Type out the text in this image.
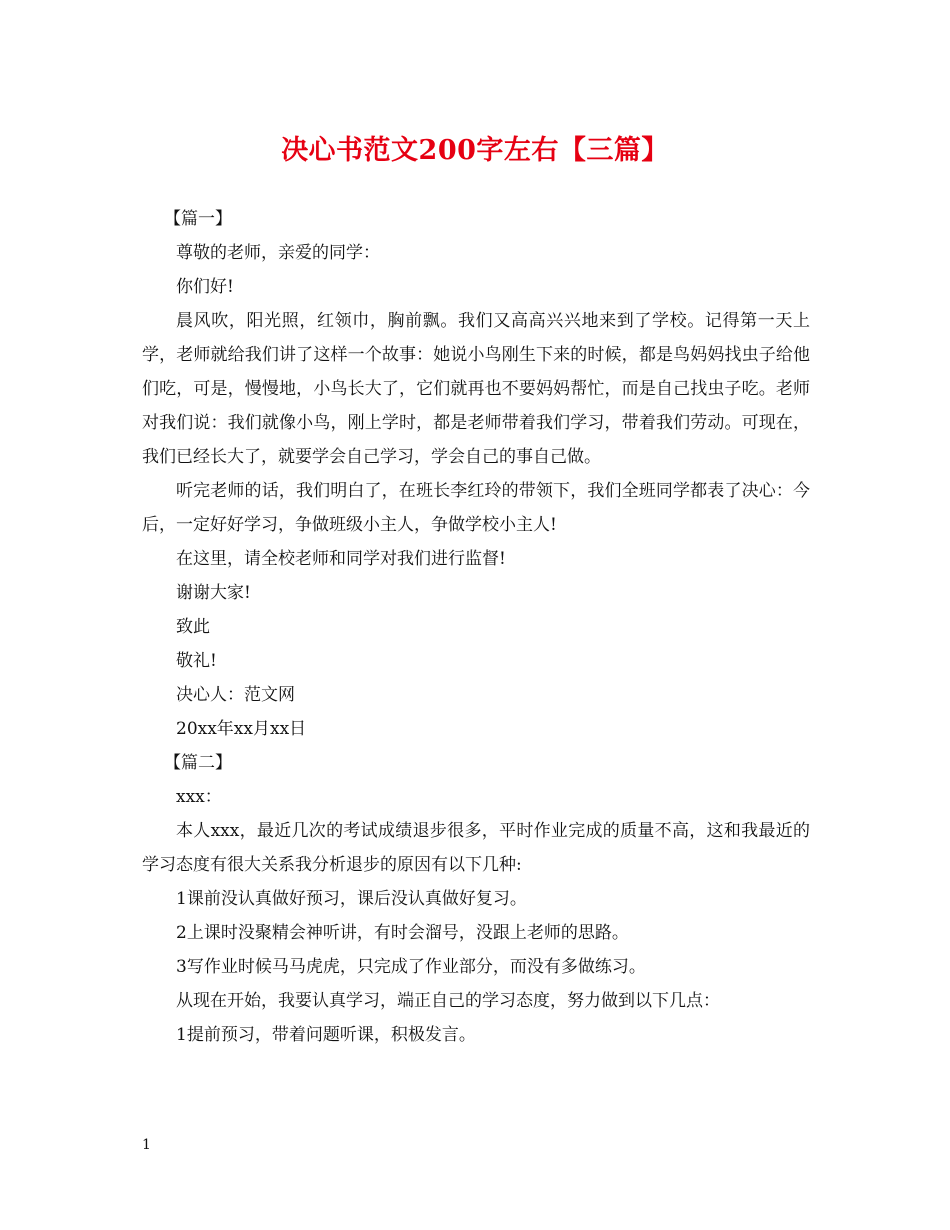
决心书范文200字左右【三篇】

【篇一】

尊敬的老师，亲爱的同学：

你们好!

晨风吹，阳光照，红领巾，胸前飘。我们又高高兴兴地来到了学校。记得第一天上学，老师就给我们讲了这样一个故事：她说小鸟刚生下来的时候，都是鸟妈妈找虫子给他们吃，可是，慢慢地，小鸟长大了，它们就再也不要妈妈帮忙，而是自己找虫子吃。老师对我们说：我们就像小鸟，刚上学时，都是老师带着我们学习，带着我们劳动。可现在，我们已经长大了，就要学会自己学习，学会自己的事自己做。

听完老师的话，我们明白了，在班长李红玲的带领下，我们全班同学都表了决心：今后，一定好好学习，争做班级小主人，争做学校小主人!

在这里，请全校老师和同学对我们进行监督!

谢谢大家!

致此

敬礼!

决心人：范文网

20xx年xx月xx日

【篇二】

xxx：

本人xxx，最近几次的考试成绩退步很多，平时作业完成的质量不高，这和我最近的学习态度有很大关系我分析退步的原因有以下几种:

1课前没认真做好预习，课后没认真做好复习。

2上课时没聚精会神听讲，有时会溜号，没跟上老师的思路。

3写作业时候马马虎虎，只完成了作业部分，而没有多做练习。

从现在开始，我要认真学习，端正自己的学习态度，努力做到以下几点：

1提前预习，带着问题听课，积极发言。

1
